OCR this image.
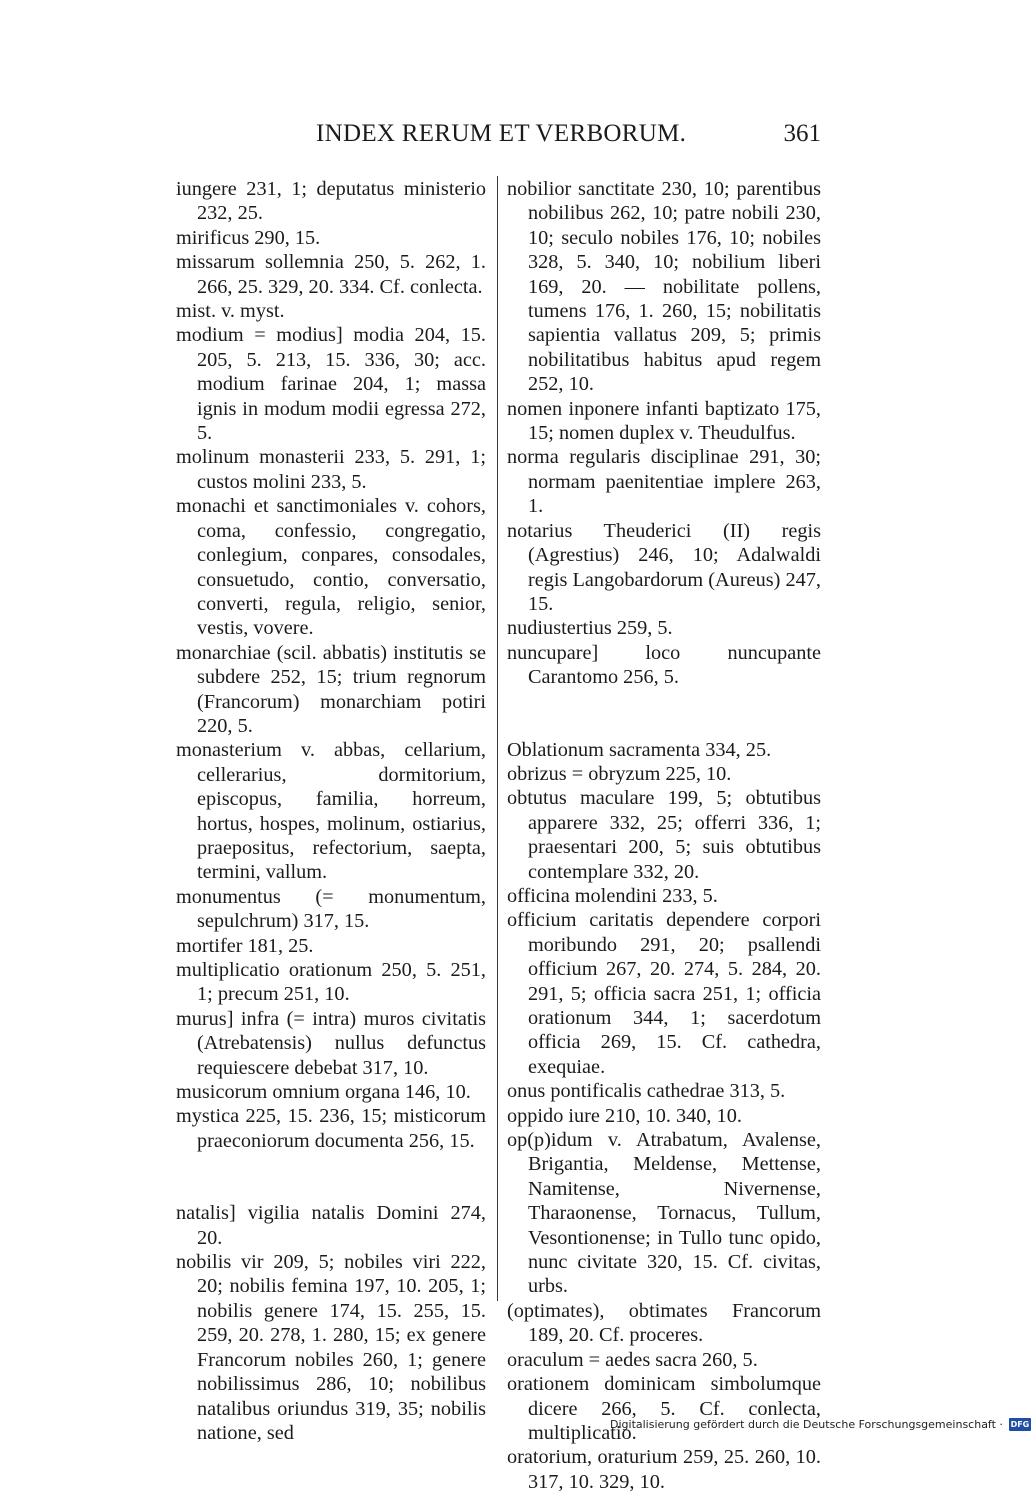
INDEX RERUM ET VERBORUM.	361

iungere 231, 1; deputatus ministerio 232, 25.

mirificus 290, 15.

missarum sollemnia 250, 5. 262, 1. 266, 25. 329, 20. 334. Cf. conlecta.

mist. v. myst.

modium = modius] modia 204, 15. 205, 5. 213, 15. 336, 30; acc. modium farinae 204, 1; massa ignis in modum modii egressa 272, 5.

molinum monasterii 233, 5. 291, 1; custos molini 233, 5.

monachi et sanctimoniales v. cohors, coma, confessio, congregatio, conlegium, conpares, consodales, consuetudo, contio, conversatio, converti, regula, religio, senior, vestis, vovere.

monarchiae (scil. abbatis) institutis se subdere 252, 15; trium regnorum (Francorum) monarchiam potiri 220, 5.

monasterium v. abbas, cellarium, cellerarius, dormitorium, episcopus, familia, horreum, hortus, hospes, molinum, ostiarius, praepositus, refectorium, saepta, termini, vallum.

monumentus (= monumentum, sepulchrum) 317, 15.

mortifer 181, 25.

multiplicatio orationum 250, 5. 251, 1; precum 251, 10.

murus] infra (= intra) muros civitatis (Atrebatensis) nullus defunctus requiescere debebat 317, 10.

musicorum omnium organa 146, 10.

mystica 225, 15. 236, 15; misticorum praeconiorum documenta 256, 15.

natalis] vigilia natalis Domini 274, 20.

nobilis vir 209, 5; nobiles viri 222, 20; nobilis femina 197, 10. 205, 1; nobilis genere 174, 15. 255, 15. 259, 20. 278, 1. 280, 15; ex genere Francorum nobiles 260, 1; genere nobilissimus 286, 10; nobilibus natalibus oriundus 319, 35; nobilis natione, sed

nobilior sanctitate 230, 10; parentibus nobilibus 262, 10; patre nobili 230, 10; seculo nobiles 176, 10; nobiles 328, 5. 340, 10; nobilium liberi 169, 20. — nobilitate pollens, tumens 176, 1. 260, 15; nobilitatis sapientia vallatus 209, 5; primis nobilitatibus habitus apud regem 252, 10.

nomen inponere infanti baptizato 175, 15; nomen duplex v. Theudulfus.

norma regularis disciplinae 291, 30; normam paenitentiae implere 263, 1.

notarius Theuderici (II) regis (Agrestius) 246, 10; Adalwaldi regis Langobardorum (Aureus) 247, 15.

nudiustertius 259, 5.

nuncupare] loco nuncupante Carantomo 256, 5.

Oblationum sacramenta 334, 25.

obrizus = obryzum 225, 10.

obtutus maculare 199, 5; obtutibus apparere 332, 25; offerri 336, 1; praesentari 200, 5; suis obtutibus contemplare 332, 20.

officina molendini 233, 5.

officium caritatis dependere corpori moribundo 291, 20; psallendi officium 267, 20. 274, 5. 284, 20. 291, 5; officia sacra 251, 1; officia orationum 344, 1; sacerdotum officia 269, 15. Cf. cathedra, exequiae.

onus pontificalis cathedrae 313, 5.

oppido iure 210, 10. 340, 10.

op(p)idum v. Atrabatum, Avalense, Brigantia, Meldense, Mettense, Namitense, Nivernense, Tharaonense, Tornacus, Tullum, Vesontionense; in Tullo tunc opido, nunc civitate 320, 15. Cf. civitas, urbs.

(optimates), obtimates Francorum 189, 20. Cf. proceres.

oraculum = aedes sacra 260, 5.

orationem dominicam simbolumque dicere 266, 5. Cf. conlecta, multiplicatio.

oratorium, oraturium 259, 25. 260, 10. 317, 10. 329, 10.

Digitalisierung gefördert durch die Deutsche Forschungsgemeinschaft · DFG
